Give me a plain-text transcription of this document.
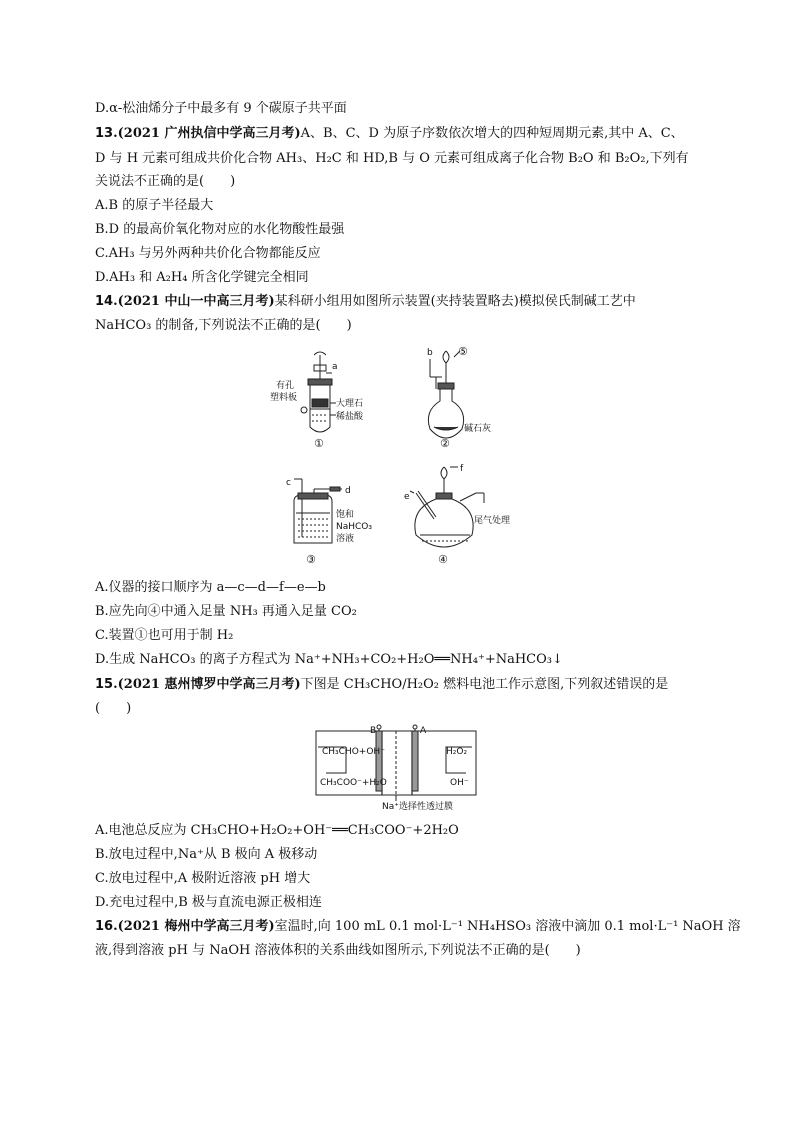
D.α-松油烯分子中最多有 9 个碳原子共平面
13.(2021 广州执信中学高三月考)A、B、C、D 为原子序数依次增大的四种短周期元素,其中 A、C、
D 与 H 元素可组成共价化合物 AH₃、H₂C 和 HD,B 与 O 元素可组成离子化合物 B₂O 和 B₂O₂,下列有
关说法不正确的是(　　)
A.B 的原子半径最大
B.D 的最高价氧化物对应的水化物酸性最强
C.AH₃ 与另外两种共价化合物都能反应
D.AH₃ 和 A₂H₄ 所含化学键完全相同
14.(2021 中山一中高三月考)某科研小组用如图所示装置(夹持装置略去)模拟侯氏制碱工艺中
NaHCO₃ 的制备,下列说法不正确的是(　　)
a
有孔
塑料板
大理石
稀盐酸
①
b ⑤
碱石灰
②
c
d
饱和
NaHCO₃
溶液
③
f
e
尾气处理
④
A.仪器的接口顺序为 a—c—d—f—e—b
B.应先向④中通入足量 NH₃ 再通入足量 CO₂
C.装置①也可用于制 H₂
D.生成 NaHCO₃ 的离子方程式为 Na⁺+NH₃+CO₂+H₂O══NH₄⁺+NaHCO₃↓
15.(2021 惠州博罗中学高三月考)下图是 CH₃CHO/H₂O₂ 燃料电池工作示意图,下列叙述错误的是
(　　)
B	A
CH₃CHO+OH⁻
CH₃COO⁻+H₂O
H₂O₂
OH⁻
Na⁺选择性透过膜
A.电池总反应为 CH₃CHO+H₂O₂+OH⁻══CH₃COO⁻+2H₂O
B.放电过程中,Na⁺从 B 极向 A 极移动
C.放电过程中,A 极附近溶液 pH 增大
D.充电过程中,B 极与直流电源正极相连
16.(2021 梅州中学高三月考)室温时,向 100 mL 0.1 mol·L⁻¹ NH₄HSO₃ 溶液中滴加 0.1 mol·L⁻¹ NaOH 溶
液,得到溶液 pH 与 NaOH 溶液体积的关系曲线如图所示,下列说法不正确的是(　　)
